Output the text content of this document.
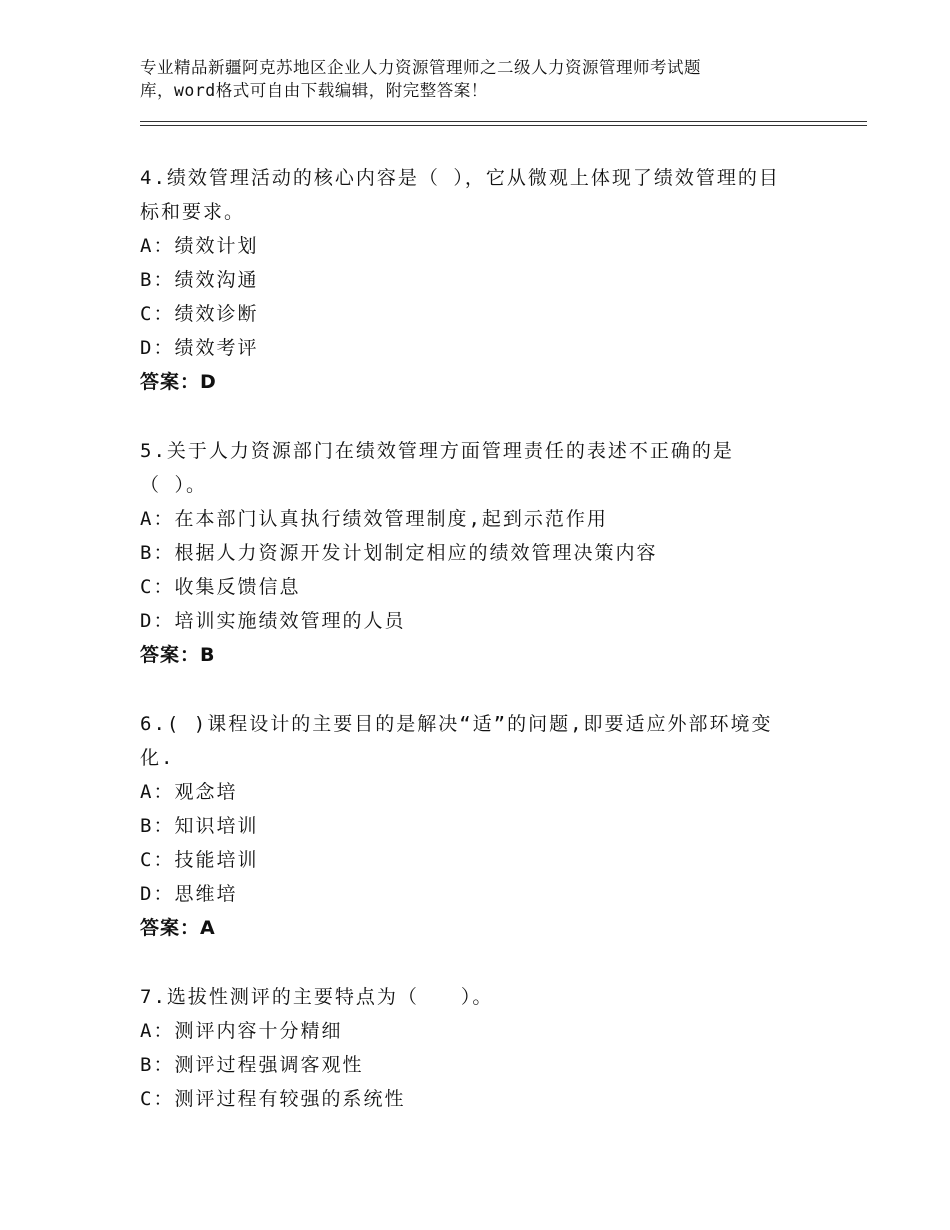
专业精品新疆阿克苏地区企业人力资源管理师之二级人力资源管理师考试题
库，word格式可自由下载编辑，附完整答案！
4.绩效管理活动的核心内容是（ ），它从微观上体现了绩效管理的目
标和要求。
A：绩效计划
B：绩效沟通
C：绩效诊断
D：绩效考评
答案：D
5.关于人力资源部门在绩效管理方面管理责任的表述不正确的是
（ ）。
A：在本部门认真执行绩效管理制度,起到示范作用
B：根据人力资源开发计划制定相应的绩效管理决策内容
C：收集反馈信息
D：培训实施绩效管理的人员
答案：B
6.( )课程设计的主要目的是解决“适”的问题,即要适应外部环境变
化.
A：观念培
B：知识培训
C：技能培训
D：思维培
答案：A
7.选拔性测评的主要特点为（　　）。
A：测评内容十分精细
B：测评过程强调客观性
C：测评过程有较强的系统性
